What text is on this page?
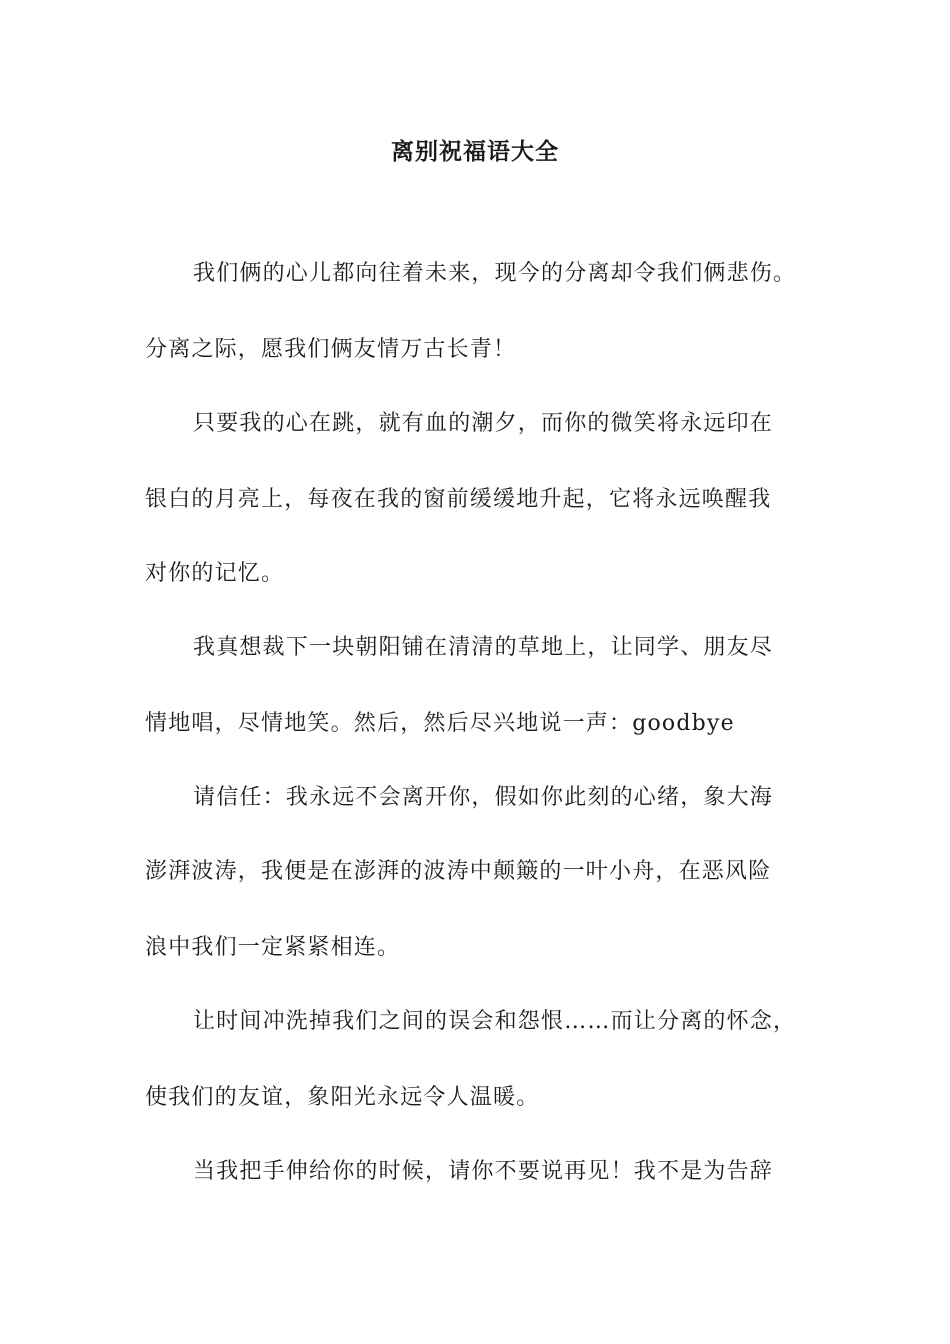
离别祝福语大全
我们俩的心儿都向往着未来，现今的分离却令我们俩悲伤。
分离之际，愿我们俩友情万古长青！
只要我的心在跳，就有血的潮夕，而你的微笑将永远印在
银白的月亮上，每夜在我的窗前缓缓地升起，它将永远唤醒我
对你的记忆。
我真想裁下一块朝阳铺在清清的草地上，让同学、朋友尽
情地唱，尽情地笑。然后，然后尽兴地说一声：goodbye
请信任：我永远不会离开你，假如你此刻的心绪，象大海
澎湃波涛，我便是在澎湃的波涛中颠簸的一叶小舟，在恶风险
浪中我们一定紧紧相连。
让时间冲洗掉我们之间的误会和怨恨……而让分离的怀念，
使我们的友谊，象阳光永远令人温暖。
当我把手伸给你的时候，请你不要说再见！我不是为告辞
